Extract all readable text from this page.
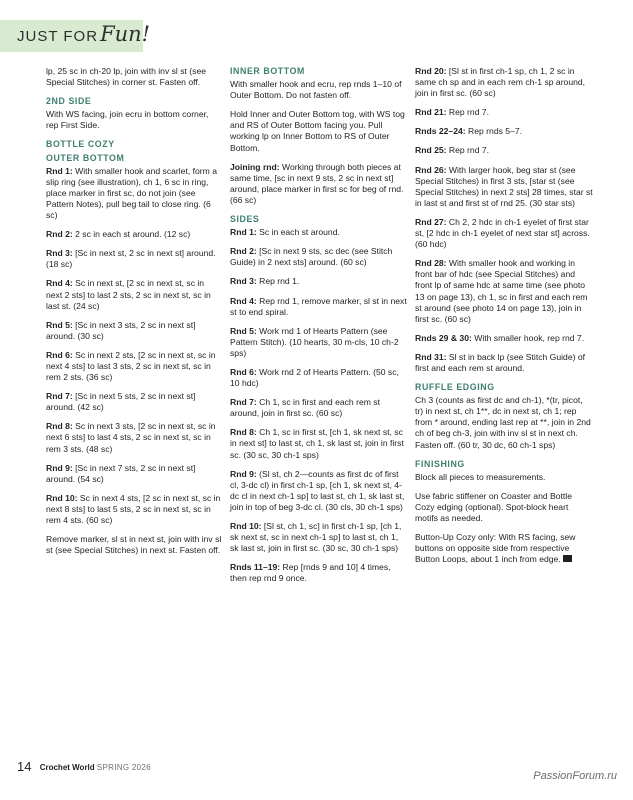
JUST FORFun!

lp, 25 sc in ch-20 lp, join with inv sl st (see Special Stitches) in corner st. Fasten off.

2ND SIDE

With WS facing, join ecru in bottom corner, rep First Side.

BOTTLE COZY

OUTER BOTTOM

Rnd 1: With smaller hook and scarlet, form a slip ring (see illustration), ch 1, 6 sc in ring, place marker in first sc, do not join (see Pattern Notes), pull beg tail to close ring. (6 sc)

Rnd 2: 2 sc in each st around. (12 sc)

Rnd 3: [Sc in next st, 2 sc in next st] around. (18 sc)

Rnd 4: Sc in next st, [2 sc in next st, sc in next 2 sts] to last 2 sts, 2 sc in next st, sc in last st. (24 sc)

Rnd 5: [Sc in next 3 sts, 2 sc in next st] around. (30 sc)

Rnd 6: Sc in next 2 sts, [2 sc in next st, sc in next 4 sts] to last 3 sts, 2 sc in next st, sc in rem 2 sts. (36 sc)

Rnd 7: [Sc in next 5 sts, 2 sc in next st] around. (42 sc)

Rnd 8: Sc in next 3 sts, [2 sc in next st, sc in next 6 sts] to last 4 sts, 2 sc in next st, sc in rem 3 sts. (48 sc)

Rnd 9: [Sc in next 7 sts, 2 sc in next st] around. (54 sc)

Rnd 10: Sc in next 4 sts, [2 sc in next st, sc in next 8 sts] to last 5 sts, 2 sc in next st, sc in rem 4 sts. (60 sc)

Remove marker, sl st in next st, join with inv sl st (see Special Stitches) in next st. Fasten off.

INNER BOTTOM

With smaller hook and ecru, rep rnds 1–10 of Outer Bottom. Do not fasten off.

Hold Inner and Outer Bottom tog, with WS tog and RS of Outer Bottom facing you. Pull working lp on Inner Bottom to RS of Outer Bottom.

Joining rnd: Working through both pieces at same time, [sc in next 9 sts, 2 sc in next st] around, place marker in first sc for beg of rnd. (66 sc)

SIDES

Rnd 1: Sc in each st around.

Rnd 2: [Sc in next 9 sts, sc dec (see Stitch Guide) in 2 next sts] around. (60 sc)

Rnd 3: Rep rnd 1.

Rnd 4: Rep rnd 1, remove marker, sl st in next st to end spiral.

Rnd 5: Work rnd 1 of Hearts Pattern (see Pattern Stitch). (10 hearts, 30 m-cls, 10 ch-2 sps)

Rnd 6: Work rnd 2 of Hearts Pattern. (50 sc, 10 hdc)

Rnd 7: Ch 1, sc in first and each rem st around, join in first sc. (60 sc)

Rnd 8: Ch 1, sc in first st, [ch 1, sk next st, sc in next st] to last st, ch 1, sk last st, join in first sc. (30 sc, 30 ch-1 sps)

Rnd 9: (Sl st, ch 2—counts as first dc of first cl, 3-dc cl) in first ch-1 sp, [ch 1, sk next st, 4-dc cl in next ch-1 sp] to last st, ch 1, sk last st, join in top of beg 3-dc cl. (30 cls, 30 ch-1 sps)

Rnd 10: [Sl st, ch 1, sc] in first ch-1 sp, [ch 1, sk next st, sc in next ch-1 sp] to last st, ch 1, sk last st, join in first sc. (30 sc, 30 ch-1 sps)

Rnds 11–19: Rep [rnds 9 and 10] 4 times, then rep rnd 9 once.

Rnd 20: [Sl st in first ch-1 sp, ch 1, 2 sc in same ch sp and in each rem ch-1 sp around, join in first sc. (60 sc)

Rnd 21: Rep rnd 7.

Rnds 22–24: Rep rnds 5–7.

Rnd 25: Rep rnd 7.

Rnd 26: With larger hook, beg star st (see Special Stitches) in first 3 sts, [star st (see Special Stitches) in next 2 sts] 28 times, star st in last st and first st of rnd 25. (30 star sts)

Rnd 27: Ch 2, 2 hdc in ch-1 eyelet of first star st, [2 hdc in ch-1 eyelet of next star st] across. (60 hdc)

Rnd 28: With smaller hook and working in front bar of hdc (see Special Stitches) and front lp of same hdc at same time (see photo 13 on page 13), ch 1, sc in first and each rem st around (see photo 14 on page 13), join in first sc. (60 sc)

Rnds 29 & 30: With smaller hook, rep rnd 7.

Rnd 31: Sl st in back lp (see Stitch Guide) of first and each rem st around.

RUFFLE EDGING

Ch 3 (counts as first dc and ch-1), *(tr, picot, tr) in next st, ch 1**, dc in next st, ch 1; rep from * around, ending last rep at **, join in 2nd ch of beg ch-3, join with inv sl st in next ch. Fasten off. (60 tr, 30 dc, 60 ch-1 sps)

FINISHING

Block all pieces to measurements.

Use fabric stiffener on Coaster and Bottle Cozy edging (optional). Spot-block heart motifs as needed.

Button-Up Cozy only: With RS facing, sew buttons on opposite side from respective Button Loops, about 1 inch from edge.

14 Crochet World SPRING 2026
PassionForum.ru
